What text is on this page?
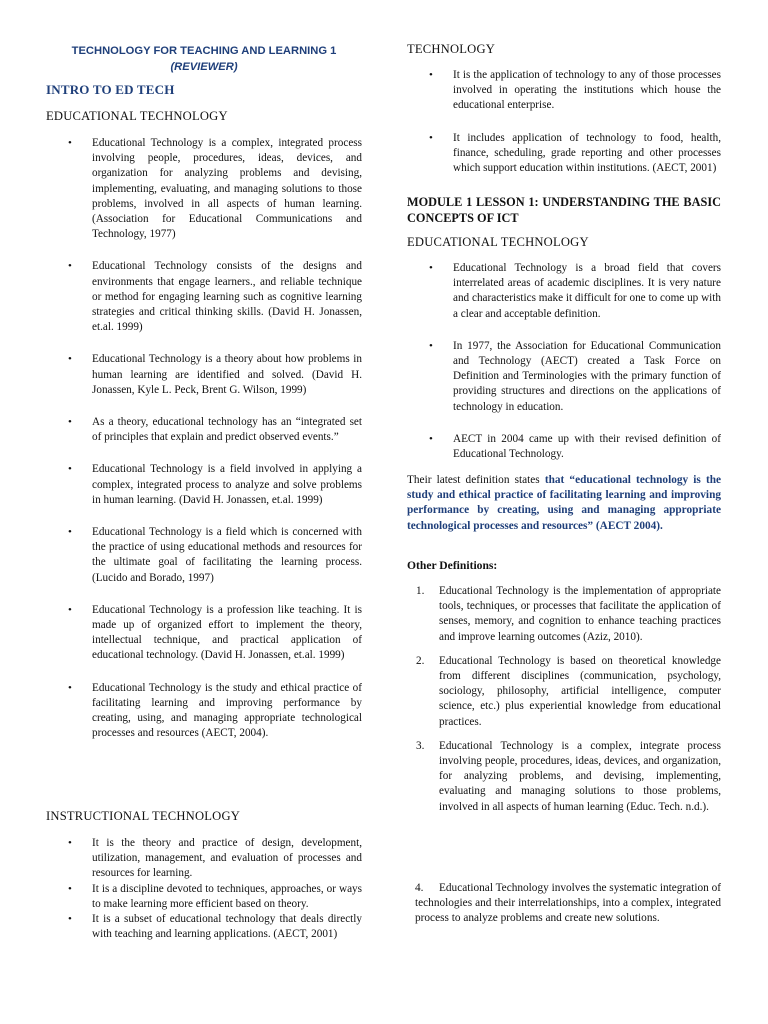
TECHNOLOGY FOR TEACHING AND LEARNING 1
(REVIEWER)
INTRO TO ED TECH
EDUCATIONAL TECHNOLOGY
• Educational Technology is a complex, integrated process involving people, procedures, ideas, devices, and organization for analyzing problems and devising, implementing, evaluating, and managing solutions to those problems, involved in all aspects of human learning. (Association for Educational Communications and Technology, 1977)
• Educational Technology consists of the designs and environments that engage learners., and reliable technique or method for engaging learning such as cognitive learning strategies and critical thinking skills. (David H. Jonassen, et.al. 1999)
• Educational Technology is a theory about how problems in human learning are identified and solved. (David H. Jonassen, Kyle L. Peck, Brent G. Wilson, 1999)
• As a theory, educational technology has an “integrated set of principles that explain and predict observed events.”
• Educational Technology is a field involved in applying a complex, integrated process to analyze and solve problems in human learning. (David H. Jonassen, et.al. 1999)
• Educational Technology is a field which is concerned with the practice of using educational methods and resources for the ultimate goal of facilitating the learning process. (Lucido and Borado, 1997)
• Educational Technology is a profession like teaching. It is made up of organized effort to implement the theory, intellectual technique, and practical application of educational technology. (David H. Jonassen, et.al. 1999)
• Educational Technology is the study and ethical practice of facilitating learning and improving performance by creating, using, and managing appropriate technological processes and resources (AECT, 2004).
INSTRUCTIONAL TECHNOLOGY
• It is the theory and practice of design, development, utilization, management, and evaluation of processes and resources for learning.
• It is a discipline devoted to techniques, approaches, or ways to make learning more efficient based on theory.
• It is a subset of educational technology that deals directly with teaching and learning applications. (AECT, 2001)
TECHNOLOGY
• It is the application of technology to any of those processes involved in operating the institutions which house the educational enterprise.
• It includes application of technology to food, health, finance, scheduling, grade reporting and other processes which support education within institutions. (AECT, 2001)
MODULE 1 LESSON 1: UNDERSTANDING THE BASIC CONCEPTS OF ICT
EDUCATIONAL TECHNOLOGY
• Educational Technology is a broad field that covers interrelated areas of academic disciplines. It is very nature and characteristics make it difficult for one to come up with a clear and acceptable definition.
• In 1977, the Association for Educational Communication and Technology (AECT) created a Task Force on Definition and Terminologies with the primary function of providing structures and directions on the applications of technology in education.
• AECT in 2004 came up with their revised definition of Educational Technology.
Their latest definition states that “educational technology is the study and ethical practice of facilitating learning and improving performance by creating, using and managing appropriate technological processes and resources” (AECT 2004).
Other Definitions:
1. Educational Technology is the implementation of appropriate tools, techniques, or processes that facilitate the application of senses, memory, and cognition to enhance teaching practices and improve learning outcomes (Aziz, 2010).
2. Educational Technology is based on theoretical knowledge from different disciplines (communication, psychology, sociology, philosophy, artificial intelligence, computer science, etc.) plus experiential knowledge from educational practices.
3. Educational Technology is a complex, integrate process involving people, procedures, ideas, devices, and organization, for analyzing problems, and devising, implementing, evaluating and managing solutions to those problems, involved in all aspects of human learning (Educ. Tech. n.d.).
4. Educational Technology involves the systematic integration of technologies and their interrelationships, into a complex, integrated process to analyze problems and create new solutions.
